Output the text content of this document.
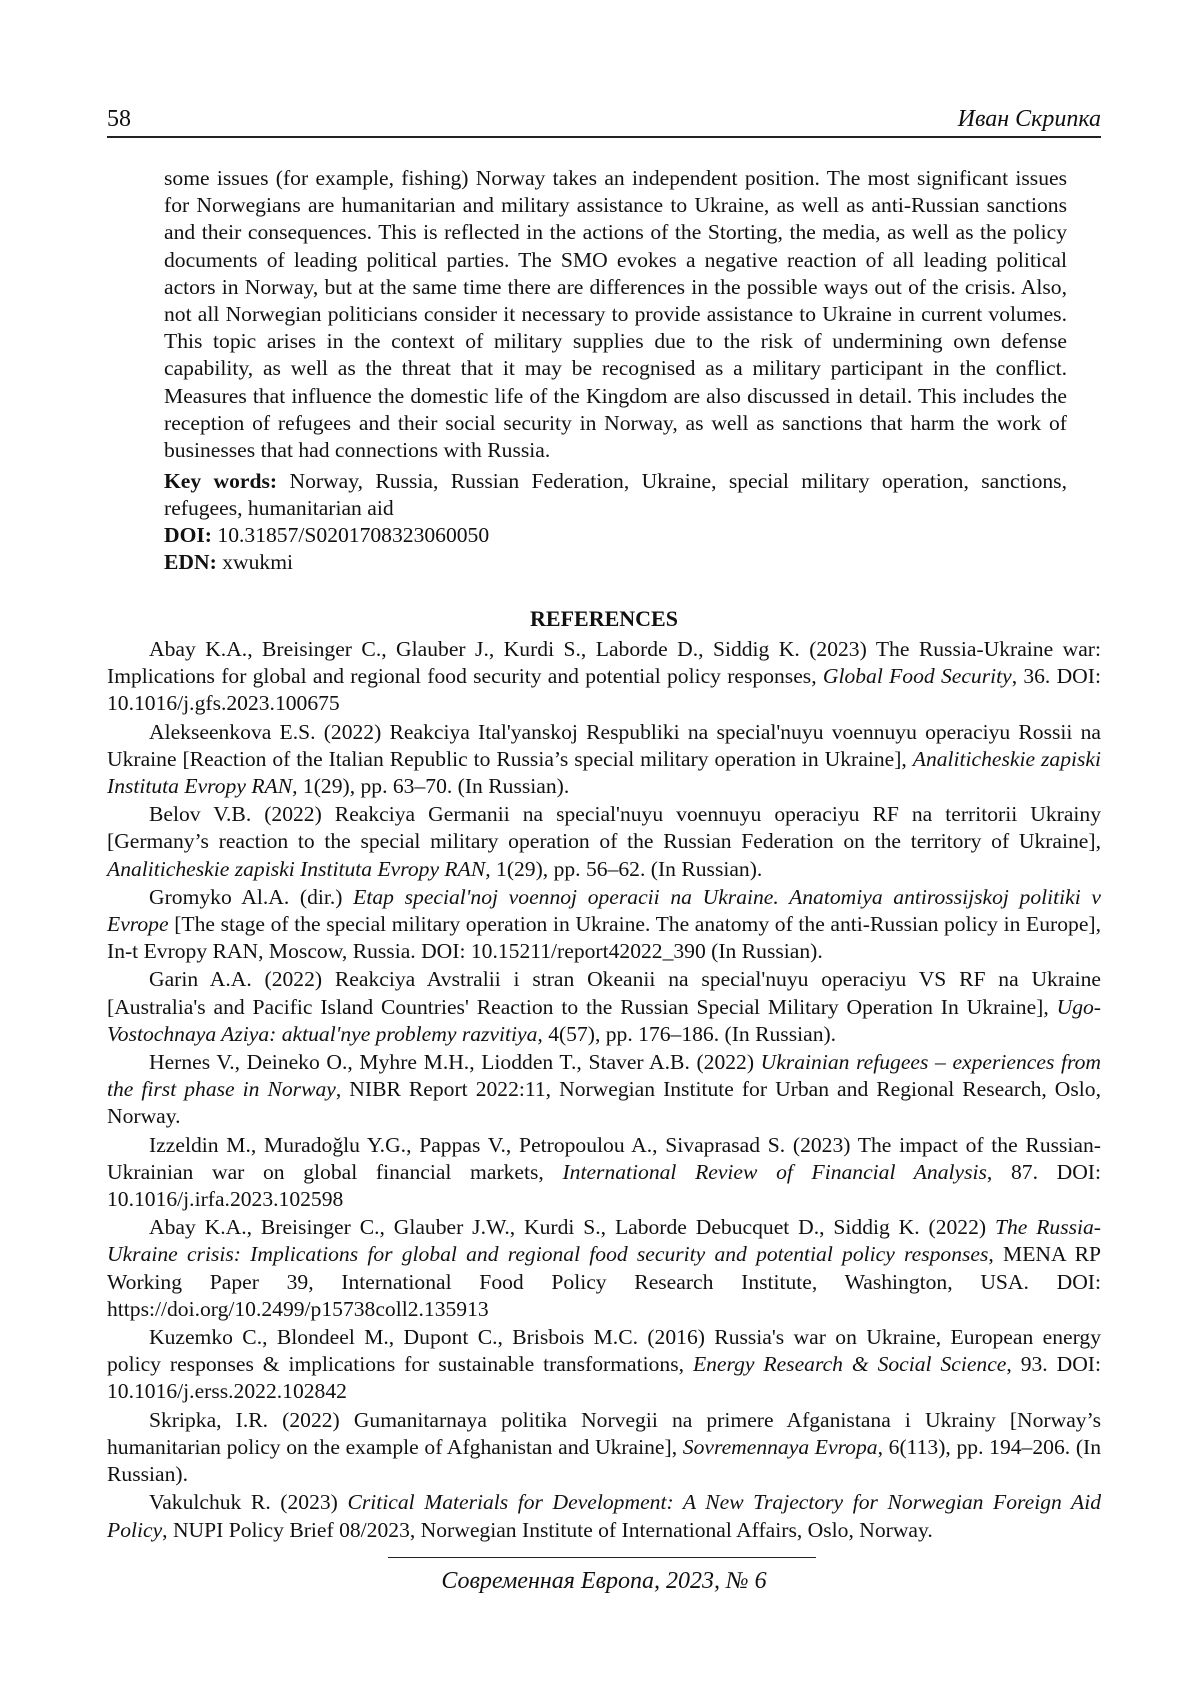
58	Иван Скрипка

some issues (for example, fishing) Norway takes an independent position. The most significant issues for Norwegians are humanitarian and military assistance to Ukraine, as well as anti-Russian sanctions and their consequences. This is reflected in the actions of the Storting, the media, as well as the policy documents of leading political parties. The SMO evokes a negative reaction of all leading political actors in Norway, but at the same time there are differences in the possible ways out of the crisis. Also, not all Norwegian politicians consider it necessary to provide assistance to Ukraine in current volumes. This topic arises in the context of military supplies due to the risk of undermining own defense capability, as well as the threat that it may be recognised as a military participant in the conflict. Measures that influence the domestic life of the Kingdom are also discussed in detail. This includes the reception of refugees and their social security in Norway, as well as sanctions that harm the work of businesses that had connections with Russia.

Key words: Norway, Russia, Russian Federation, Ukraine, special military operation, sanctions, refugees, humanitarian aid
DOI: 10.31857/S0201708323060050
EDN: xwukmi
REFERENCES

Abay K.A., Breisinger C., Glauber J., Kurdi S., Laborde D., Siddig K. (2023) The Russia-Ukraine war: Implications for global and regional food security and potential policy responses, Global Food Security, 36. DOI: 10.1016/j.gfs.2023.100675

Alekseenkova E.S. (2022) Reakciya Ital'yanskoj Respubliki na special'nuyu voennuyu operaciyu Rossii na Ukraine [Reaction of the Italian Republic to Russia’s special military operation in Ukraine], Analiticheskie zapiski Instituta Evropy RAN, 1(29), pp. 63–70. (In Russian).

Belov V.B. (2022) Reakciya Germanii na special'nuyu voennuyu operaciyu RF na territorii Ukrainy [Germany’s reaction to the special military operation of the Russian Federation on the territory of Ukraine], Analiticheskie zapiski Instituta Evropy RAN, 1(29), pp. 56–62. (In Russian).

Gromyko Al.A. (dir.) Etap special'noj voennoj operacii na Ukraine. Anatomiya antirossijskoj politiki v Evrope [The stage of the special military operation in Ukraine. The anatomy of the anti-Russian policy in Europe], In-t Evropy RAN, Moscow, Russia. DOI: 10.15211/report42022_390 (In Russian).

Garin A.A. (2022) Reakciya Avstralii i stran Okeanii na special'nuyu operaciyu VS RF na Ukraine [Australia's and Pacific Island Countries' Reaction to the Russian Special Military Operation In Ukraine], Ugo-Vostochnaya Aziya: aktual'nye problemy razvitiya, 4(57), pp. 176–186. (In Russian).

Hernes V., Deineko O., Myhre M.H., Liodden T., Staver A.B. (2022) Ukrainian refugees – experiences from the first phase in Norway, NIBR Report 2022:11, Norwegian Institute for Urban and Regional Research, Oslo, Norway.

Izzeldin M., Muradoğlu Y.G., Pappas V., Petropoulou A., Sivaprasad S. (2023) The impact of the Russian-Ukrainian war on global financial markets, International Review of Financial Analysis, 87. DOI: 10.1016/j.irfa.2023.102598

Abay K.A., Breisinger C., Glauber J.W., Kurdi S., Laborde Debucquet D., Siddig K. (2022) The Russia-Ukraine crisis: Implications for global and regional food security and potential policy responses, MENA RP Working Paper 39, International Food Policy Research Institute, Washington, USA. DOI: https://doi.org/10.2499/p15738coll2.135913

Kuzemko C., Blondeel M., Dupont C., Brisbois M.C. (2016) Russia's war on Ukraine, European energy policy responses & implications for sustainable transformations, Energy Research & Social Science, 93. DOI: 10.1016/j.erss.2022.102842

Skripka, I.R. (2022) Gumanitarnaya politika Norvegii na primere Afganistana i Ukrainy [Norway’s humanitarian policy on the example of Afghanistan and Ukraine], Sovremennaya Evropa, 6(113), pp. 194–206. (In Russian).

Vakulchuk R. (2023) Critical Materials for Development: A New Trajectory for Norwegian Foreign Aid Policy, NUPI Policy Brief 08/2023, Norwegian Institute of International Affairs, Oslo, Norway.

Современная Европа, 2023, № 6
